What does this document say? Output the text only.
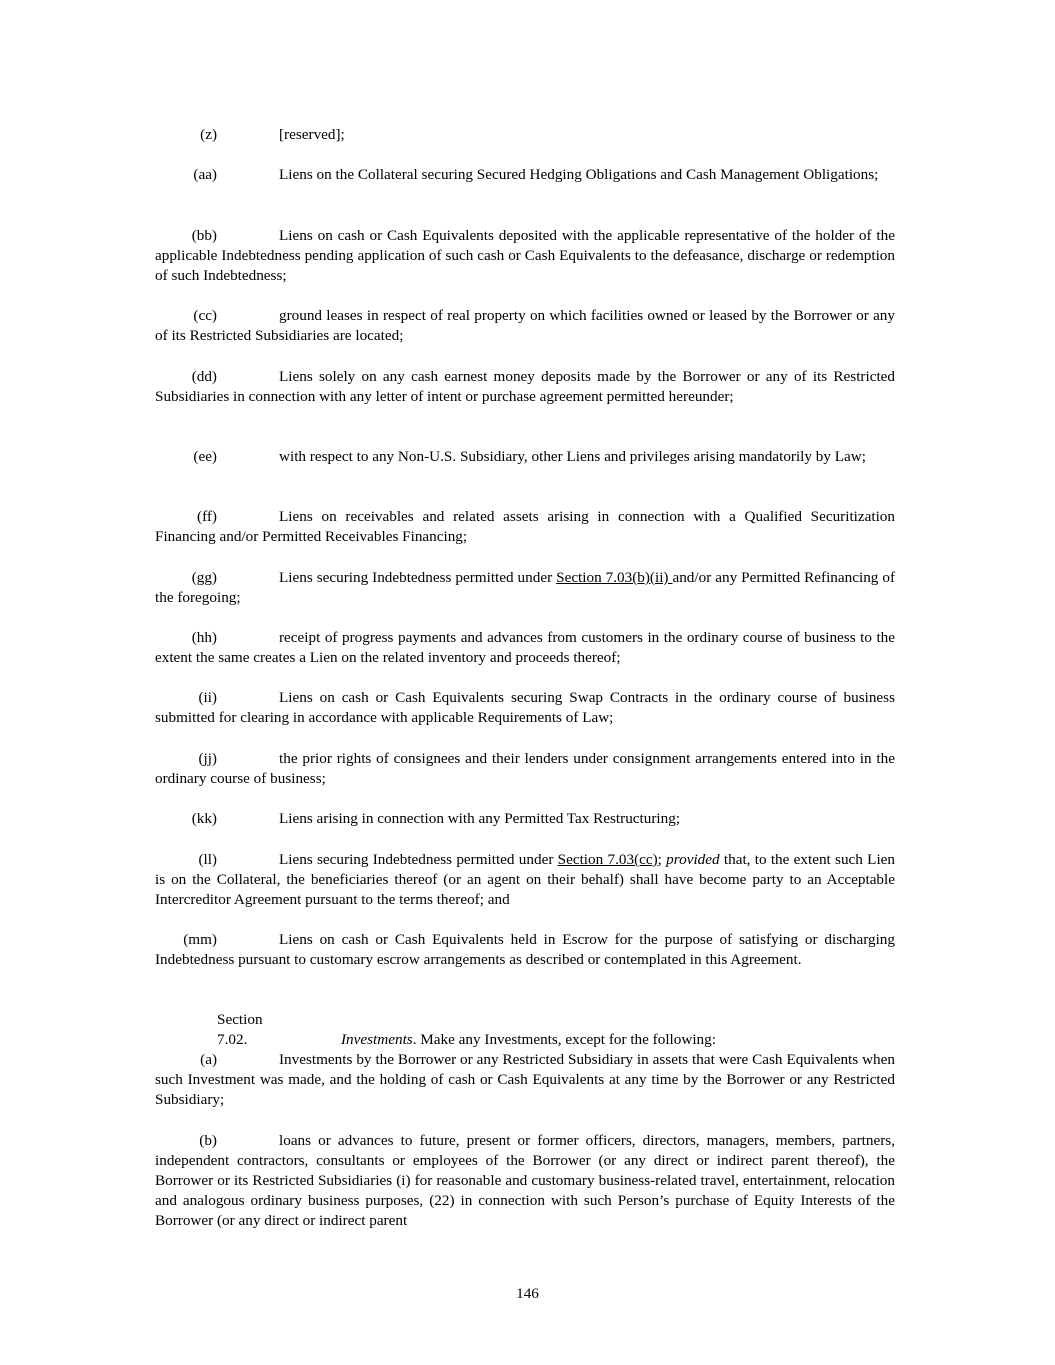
(z)	[reserved];

(aa)	Liens on the Collateral securing Secured Hedging Obligations and Cash Management Obligations;

(bb)	Liens on cash or Cash Equivalents deposited with the applicable representative of the holder of the applicable Indebtedness pending application of such cash or Cash Equivalents to the defeasance, discharge or redemption of such Indebtedness;

(cc)	ground leases in respect of real property on which facilities owned or leased by the Borrower or any of its Restricted Subsidiaries are located;

(dd)	Liens solely on any cash earnest money deposits made by the Borrower or any of its Restricted Subsidiaries in connection with any letter of intent or purchase agreement permitted hereunder;

(ee)	with respect to any Non-U.S. Subsidiary, other Liens and privileges arising mandatorily by Law;

(ff)	Liens on receivables and related assets arising in connection with a Qualified Securitization Financing and/or Permitted Receivables Financing;

(gg)	Liens securing Indebtedness permitted under Section 7.03(b)(ii) and/or any Permitted Refinancing of the foregoing;

(hh)	receipt of progress payments and advances from customers in the ordinary course of business to the extent the same creates a Lien on the related inventory and proceeds thereof;

(ii)	Liens on cash or Cash Equivalents securing Swap Contracts in the ordinary course of business submitted for clearing in accordance with applicable Requirements of Law;

(jj)	the prior rights of consignees and their lenders under consignment arrangements entered into in the ordinary course of business;

(kk)	Liens arising in connection with any Permitted Tax Restructuring;

(ll)	Liens securing Indebtedness permitted under Section 7.03(cc); provided that, to the extent such Lien is on the Collateral, the beneficiaries thereof (or an agent on their behalf) shall have become party to an Acceptable Intercreditor Agreement pursuant to the terms thereof; and

(mm)	Liens on cash or Cash Equivalents held in Escrow for the purpose of satisfying or discharging Indebtedness pursuant to customary escrow arrangements as described or contemplated in this Agreement.

Section 7.02.	Investments. Make any Investments, except for the following:

(a)	Investments by the Borrower or any Restricted Subsidiary in assets that were Cash Equivalents when such Investment was made, and the holding of cash or Cash Equivalents at any time by the Borrower or any Restricted Subsidiary;

(b)	loans or advances to future, present or former officers, directors, managers, members, partners, independent contractors, consultants or employees of the Borrower (or any direct or indirect parent thereof), the Borrower or its Restricted Subsidiaries (i) for reasonable and customary business-related travel, entertainment, relocation and analogous ordinary business purposes, (22) in connection with such Person’s purchase of Equity Interests of the Borrower (or any direct or indirect parent

146
